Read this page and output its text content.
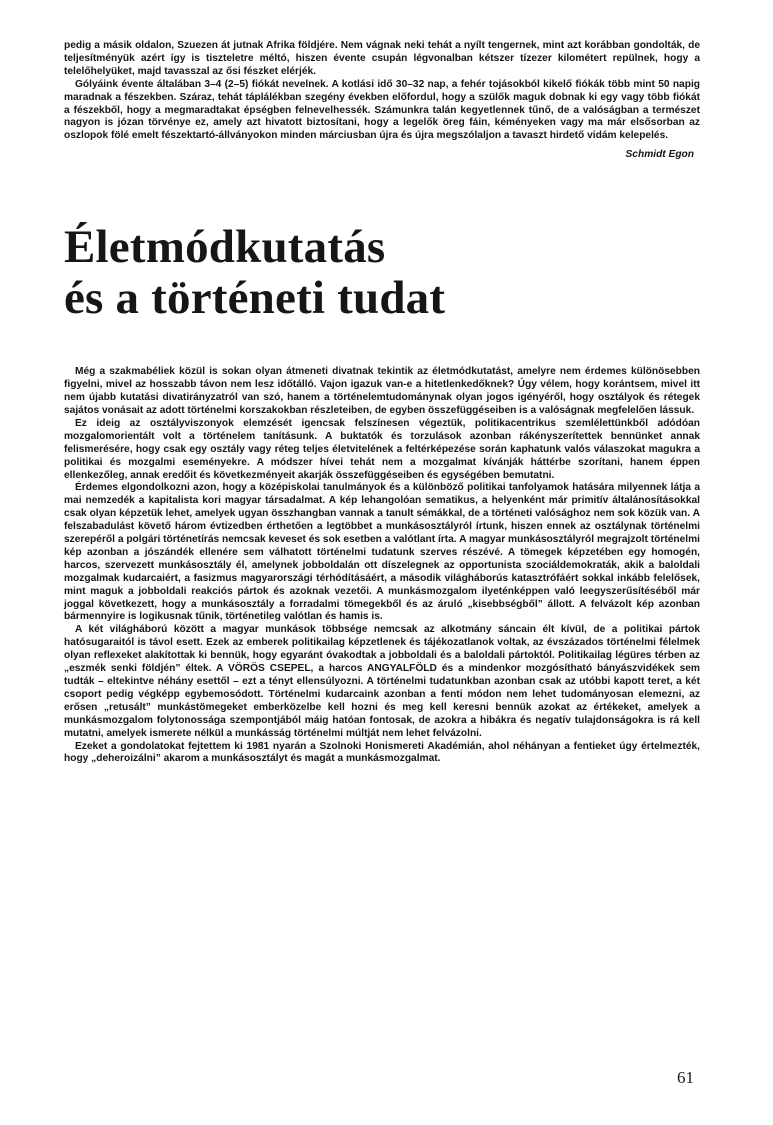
pedig a másik oldalon, Szuezen át jutnak Afrika földjére. Nem vágnak neki tehát a nyílt tengernek, mint azt korábban gondolták, de teljesítményük azért így is tiszteletre méltó, hiszen évente csupán légvonalban kétszer tízezer kilométert repülnek, hogy a telelőhelyüket, majd tavasszal az ősi fészket elérjék.

Gólyáink évente általában 3–4 (2–5) fiókát nevelnek. A kotlási idő 30–32 nap, a fehér tojásokból kikelő fiókák több mint 50 napig maradnak a fészekben. Száraz, tehát táplálékban szegény években előfordul, hogy a szülők maguk dobnak ki egy vagy több fiókát a fészekből, hogy a megmaradtakat épségben felnevelhessék. Számunkra talán kegyetlennek tűnő, de a valóságban a természet nagyon is józan törvénye ez, amely azt hivatott biztosítani, hogy a legelők öreg fáin, kéményeken vagy ma már elsősorban az oszlopok fölé emelt fészektartó-állványokon minden márciusban újra és újra megszólaljon a tavaszt hirdető vidám kelepelés.

Schmidt Egon
Életmódkutatás
és a történeti tudat

Még a szakmabéliek közül is sokan olyan átmeneti divatnak tekintik az életmódkutatást, amelyre nem érdemes különösebben figyelni, mivel az hosszabb távon nem lesz időtálló. Vajon igazuk van-e a hitetlenkedőknek? Úgy vélem, hogy korántsem, mivel itt nem újabb kutatási divatirányzatról van szó, hanem a történelemtudománynak olyan jogos igényéről, hogy osztályok és rétegek sajátos vonásait az adott történelmi korszakokban részleteiben, de egyben összefüggéseiben is a valóságnak megfelelően lássuk.

Ez ideig az osztályviszonyok elemzését igencsak felszínesen végeztük, politikacentrikus szemlélettünkből adódóan mozgalomorientált volt a történelem tanításunk. A buktatók és torzulások azonban rákényszerítettek bennünket annak felismerésére, hogy csak egy osztály vagy réteg teljes életvitelének a feltérképezése során kaphatunk valós válaszokat magukra a politikai és mozgalmi eseményekre. A módszer hívei tehát nem a mozgalmat kívánják háttérbe szorítani, hanem éppen ellenkezőleg, annak eredőit és következményeit akarják összefüggéseiben és egységében bemutatni.

Érdemes elgondolkozni azon, hogy a középiskolai tanulmányok és a különböző politikai tanfolyamok hatására milyennek látja a mai nemzedék a kapitalista kori magyar társadalmat. A kép lehangolóan sematikus, a helyenként már primitív általánosításokkal csak olyan képzetük lehet, amelyek ugyan összhangban vannak a tanult sémákkal, de a történeti valósághoz nem sok közük van. A felszabadulást követő három évtizedben érthetően a legtöbbet a munkásosztályról írtunk, hiszen ennek az osztálynak történelmi szerepéről a polgári történetírás nemcsak keveset és sok esetben a valótlant írta. A magyar munkásosztályról megrajzolt történelmi kép azonban a jószándék ellenére sem válhatott történelmi tudatunk szerves részévé. A tömegek képzetében egy homogén, harcos, szervezett munkásosztály él, amelynek jobboldalán ott díszelegnek az opportunista szociáldemokraták, akik a baloldali mozgalmak kudarcaiért, a fasizmus magyarországi térhódításáért, a második világháborús katasztrófáért sokkal inkább felelősek, mint maguk a jobboldali reakciós pártok és azoknak vezetői. A munkásmozgalom ilyeténképpen való leegyszerűsítéséből már joggal következett, hogy a munkásosztály a forradalmi tömegekből és az áruló „kisebbségből” állott. A felvázolt kép azonban bármennyire is logikusnak tűnik, történetileg valótlan és hamis is.

A két világháború között a magyar munkások többsége nemcsak az alkotmány sáncain élt kívül, de a politikai pártok hatósugaraitól is távol esett. Ezek az emberek politikailag képzetlenek és tájékozatlanok voltak, az évszázados történelmi félelmek olyan reflexeket alakítottak ki bennük, hogy egyaránt óvakodtak a jobboldali és a baloldali pártoktól. Politikailag légüres térben az „eszmék senki földjén” éltek. A VÖRÖS CSEPEL, a harcos ANGYALFÖLD és a mindenkor mozgósítható bányászvidékek sem tudták – eltekintve néhány esettől – ezt a tényt ellensúlyozni. A történelmi tudatunkban azonban csak az utóbbi kapott teret, a két csoport pedig végképp egybemosódott. Történelmi kudarcaink azonban a fenti módon nem lehet tudományosan elemezni, az erősen „retusált” munkástömegeket emberközelbe kell hozni és meg kell keresni bennük azokat az értékeket, amelyek a munkásmozgalom folytonossága szempontjából máig hatóan fontosak, de azokra a hibákra és negatív tulajdonságokra is rá kell mutatni, amelyek ismerete nélkül a munkásság történelmi múltját nem lehet felvázolni.

Ezeket a gondolatokat fejtettem ki 1981 nyarán a Szolnoki Honismereti Akadémián, ahol néhányan a fentieket úgy értelmezték, hogy „deheroizálni” akarom a munkásosztályt és magát a munkásmozgalmat.

61
